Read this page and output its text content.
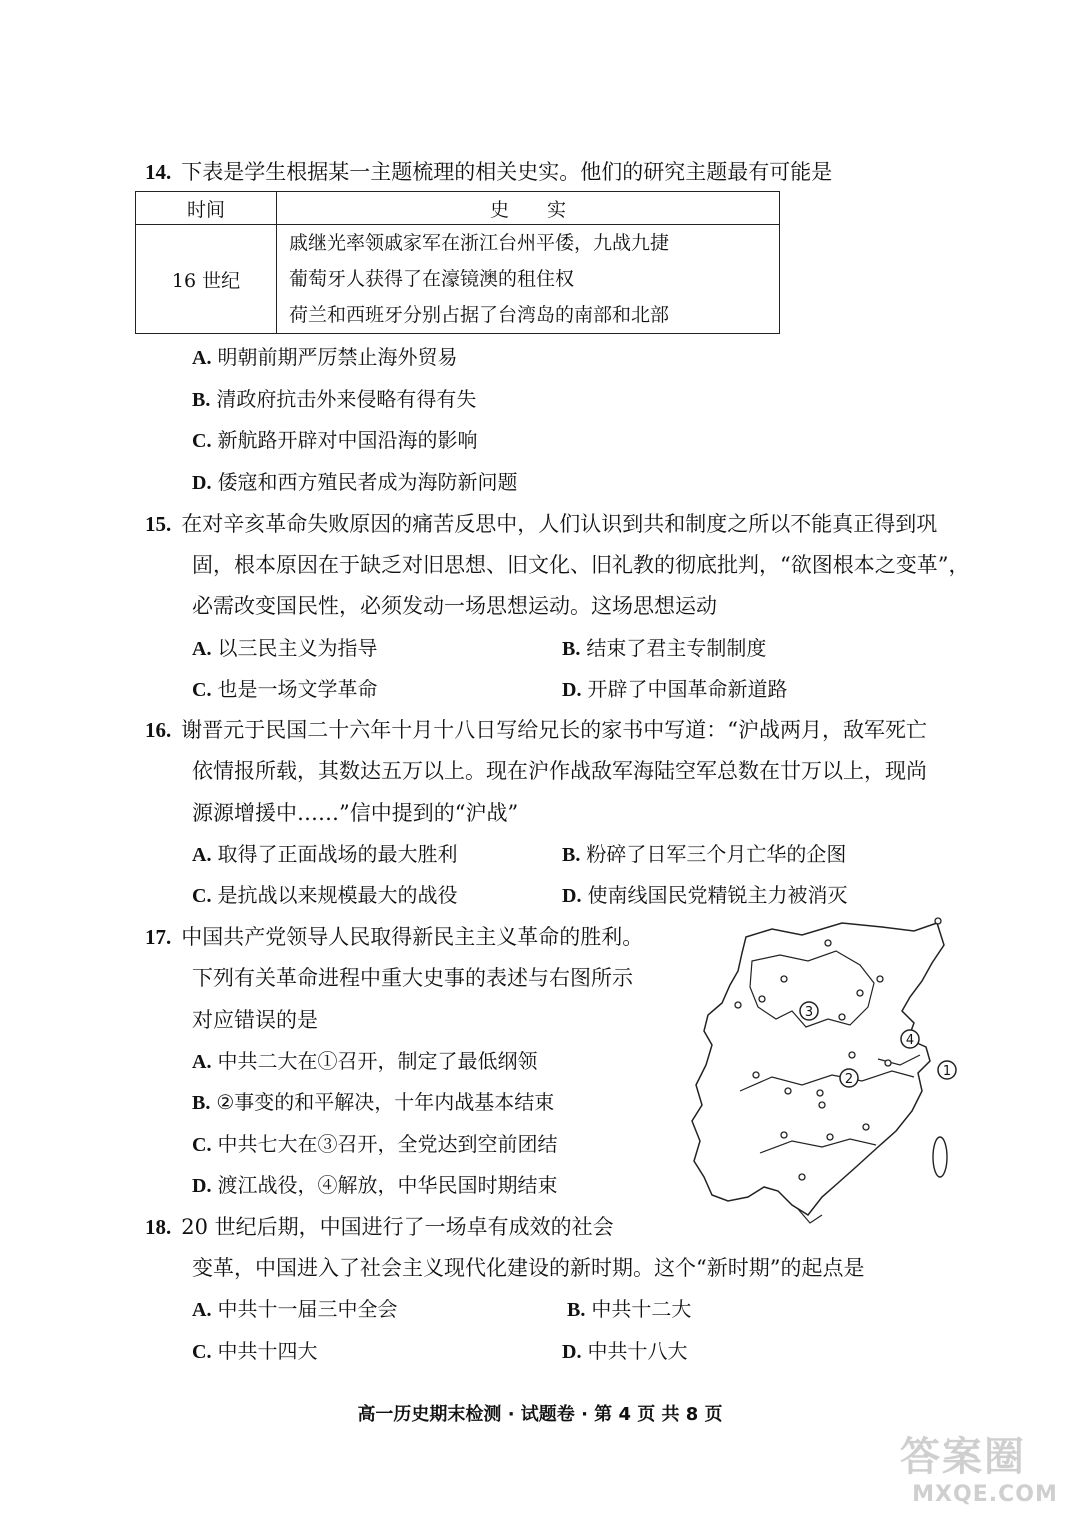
14. 下表是学生根据某一主题梳理的相关史实。他们的研究主题最有可能是
时间	史　　实
16 世纪	戚继光率领戚家军在浙江台州平倭，九战九捷
葡萄牙人获得了在濠镜澳的租住权
荷兰和西班牙分别占据了台湾岛的南部和北部
A. 明朝前期严厉禁止海外贸易
B. 清政府抗击外来侵略有得有失
C. 新航路开辟对中国沿海的影响
D. 倭寇和西方殖民者成为海防新问题
15. 在对辛亥革命失败原因的痛苦反思中，人们认识到共和制度之所以不能真正得到巩
固，根本原因在于缺乏对旧思想、旧文化、旧礼教的彻底批判，“欲图根本之变革”，
必需改变国民性，必须发动一场思想运动。这场思想运动
A. 以三民主义为指导	B. 结束了君主专制制度
C. 也是一场文学革命	D. 开辟了中国革命新道路
16. 谢晋元于民国二十六年十月十八日写给兄长的家书中写道：“沪战两月，敌军死亡
依情报所载，其数达五万以上。现在沪作战敌军海陆空军总数在廿万以上，现尚
源源增援中……”信中提到的“沪战”
A. 取得了正面战场的最大胜利	B. 粉碎了日军三个月亡华的企图
C. 是抗战以来规模最大的战役	D. 使南线国民党精锐主力被消灭
17. 中国共产党领导人民取得新民主主义革命的胜利。
下列有关革命进程中重大史事的表述与右图所示
对应错误的是
A. 中共二大在①召开，制定了最低纲领
B. ②事变的和平解决，十年内战基本结束
C. 中共七大在③召开，全党达到空前团结
D. 渡江战役，④解放，中华民国时期结束
1
2
3
4
18. 20 世纪后期，中国进行了一场卓有成效的社会
变革，中国进入了社会主义现代化建设的新时期。这个“新时期”的起点是
A. 中共十一届三中全会	B. 中共十二大
C. 中共十四大	D. 中共十八大
高一历史期末检测 · 试题卷 · 第 4 页 共 8 页
答案圈
MXQE.COM
